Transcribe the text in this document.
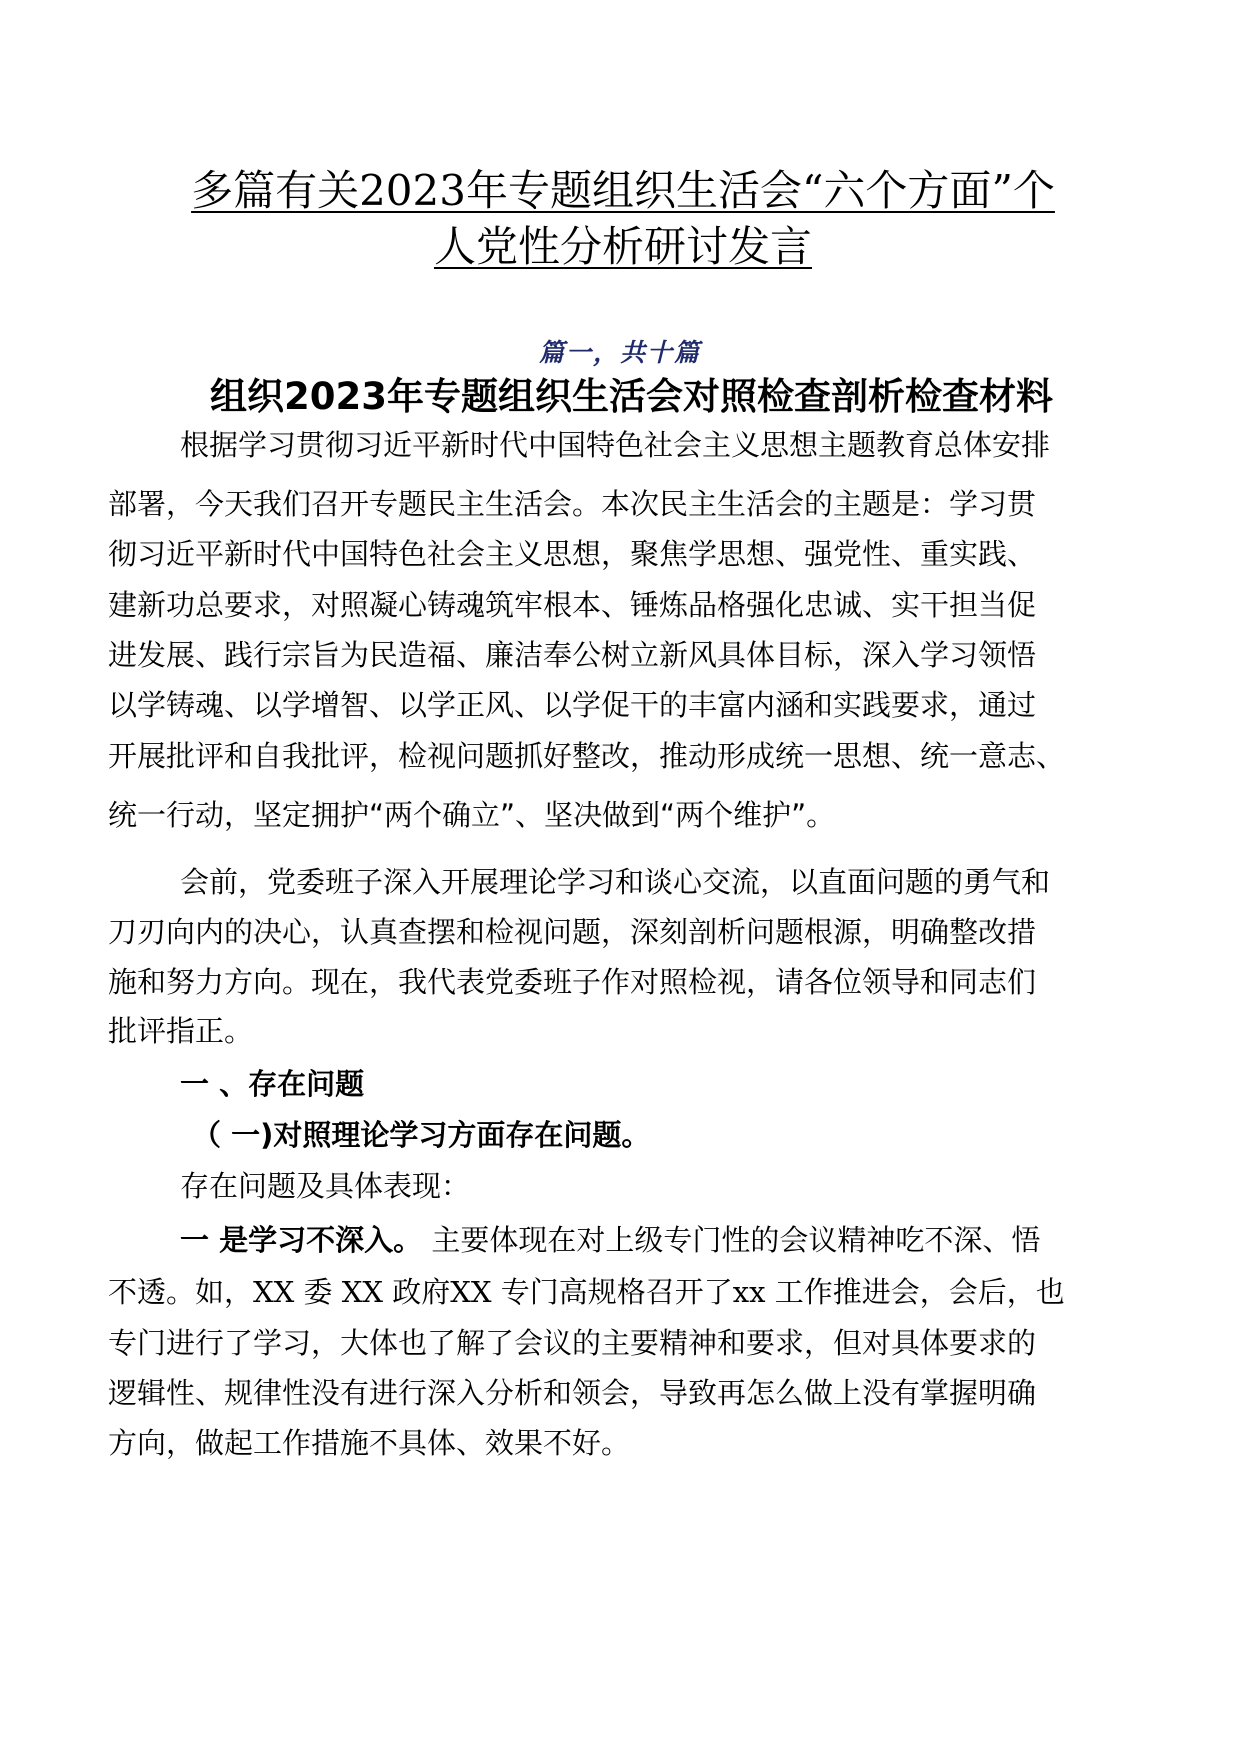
多篇有关2023年专题组织生活会“六个方面”个
人党性分析研讨发言
篇一，共十篇
组织2023年专题组织生活会对照检查剖析检查材料
根据学习贯彻习近平新时代中国特色社会主义思想主题教育总体安排
部署，今天我们召开专题民主生活会。本次民主生活会的主题是：学习贯
彻习近平新时代中国特色社会主义思想，聚焦学思想、强党性、重实践、
建新功总要求，对照凝心铸魂筑牢根本、锤炼品格强化忠诚、实干担当促
进发展、践行宗旨为民造福、廉洁奉公树立新风具体目标，深入学习领悟
以学铸魂、以学增智、以学正风、以学促干的丰富内涵和实践要求，通过
开展批评和自我批评，检视问题抓好整改，推动形成统一思想、统一意志、
统一行动，坚定拥护“两个确立”、坚决做到“两个维护”。
会前，党委班子深入开展理论学习和谈心交流，以直面问题的勇气和
刀刃向内的决心，认真查摆和检视问题，深刻剖析问题根源，明确整改措
施和努力方向。现在，我代表党委班子作对照检视，请各位领导和同志们
批评指正。
一 、存在问题
（ 一)对照理论学习方面存在问题。
存在问题及具体表现：
一 是学习不深入。 主要体现在对上级专门性的会议精神吃不深、悟
不透。如，XX 委 XX 政府XX 专门高规格召开了xx 工作推进会，会后，也
专门进行了学习，大体也了解了会议的主要精神和要求，但对具体要求的
逻辑性、规律性没有进行深入分析和领会，导致再怎么做上没有掌握明确
方向，做起工作措施不具体、效果不好。
